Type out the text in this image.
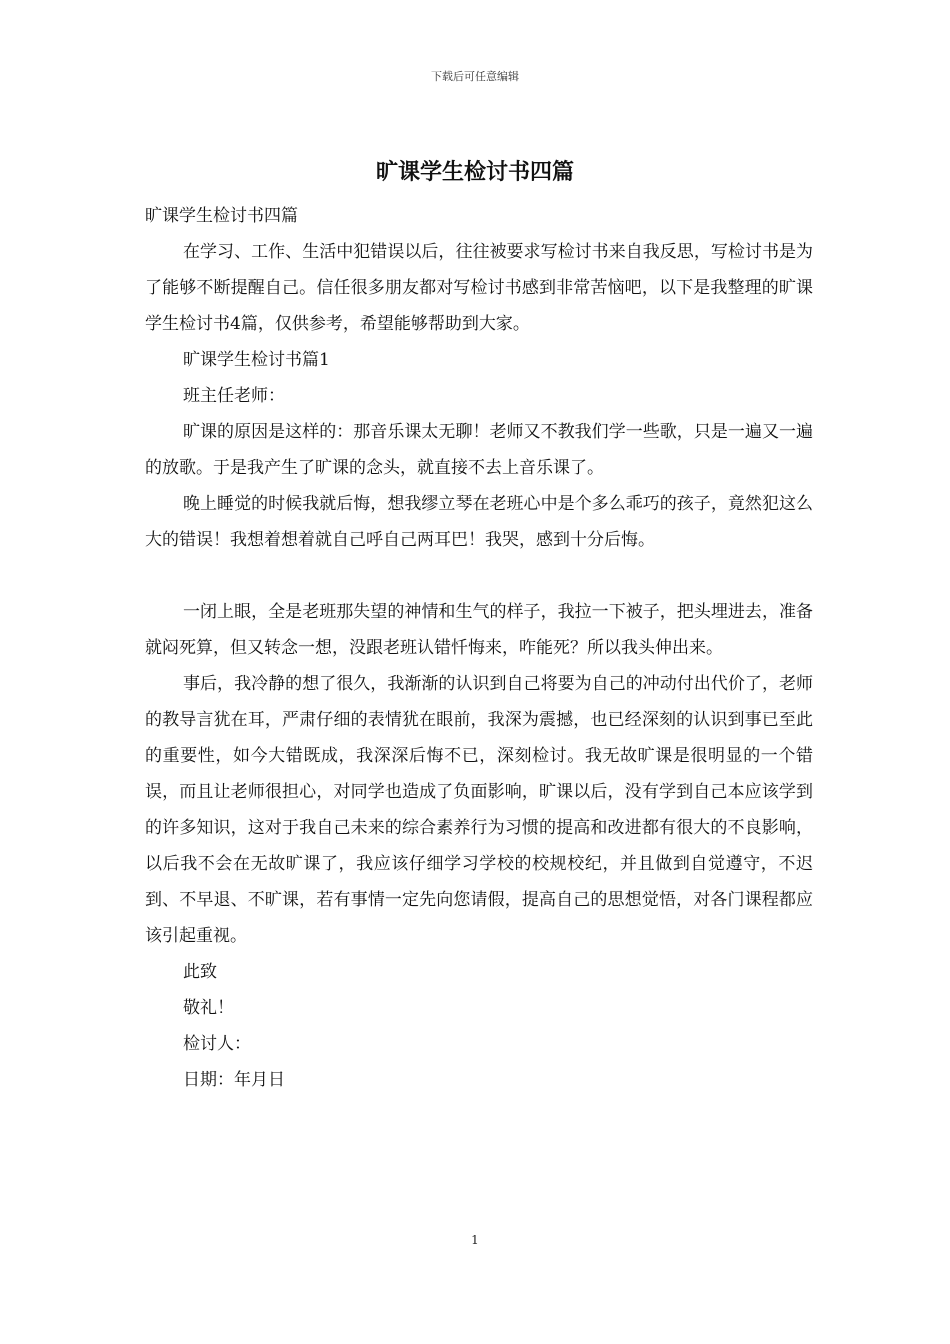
下载后可任意编辑
旷课学生检讨书四篇

旷课学生检讨书四篇

在学习、工作、生活中犯错误以后，往往被要求写检讨书来自我反思，写检讨书是为了能够不断提醒自己。信任很多朋友都对写检讨书感到非常苦恼吧，以下是我整理的旷课学生检讨书4篇，仅供参考，希望能够帮助到大家。

旷课学生检讨书篇1

班主任老师：

旷课的原因是这样的：那音乐课太无聊！老师又不教我们学一些歌，只是一遍又一遍的放歌。于是我产生了旷课的念头，就直接不去上音乐课了。

晚上睡觉的时候我就后悔，想我缪立琴在老班心中是个多么乖巧的孩子，竟然犯这么大的错误！我想着想着就自己呼自己两耳巴！我哭，感到十分后悔。

一闭上眼，全是老班那失望的神情和生气的样子，我拉一下被子，把头埋进去，准备就闷死算，但又转念一想，没跟老班认错忏悔来，咋能死？所以我头伸出来。

事后，我冷静的想了很久，我渐渐的认识到自己将要为自己的冲动付出代价了，老师的教导言犹在耳，严肃仔细的表情犹在眼前，我深为震撼，也已经深刻的认识到事已至此的重要性，如今大错既成，我深深后悔不已，深刻检讨。我无故旷课是很明显的一个错误，而且让老师很担心，对同学也造成了负面影响，旷课以后，没有学到自己本应该学到的许多知识，这对于我自己未来的综合素养行为习惯的提高和改进都有很大的不良影响，以后我不会在无故旷课了，我应该仔细学习学校的校规校纪，并且做到自觉遵守，不迟到、不早退、不旷课，若有事情一定先向您请假，提高自己的思想觉悟，对各门课程都应该引起重视。

此致

敬礼！

检讨人：

日期：年月日

1
